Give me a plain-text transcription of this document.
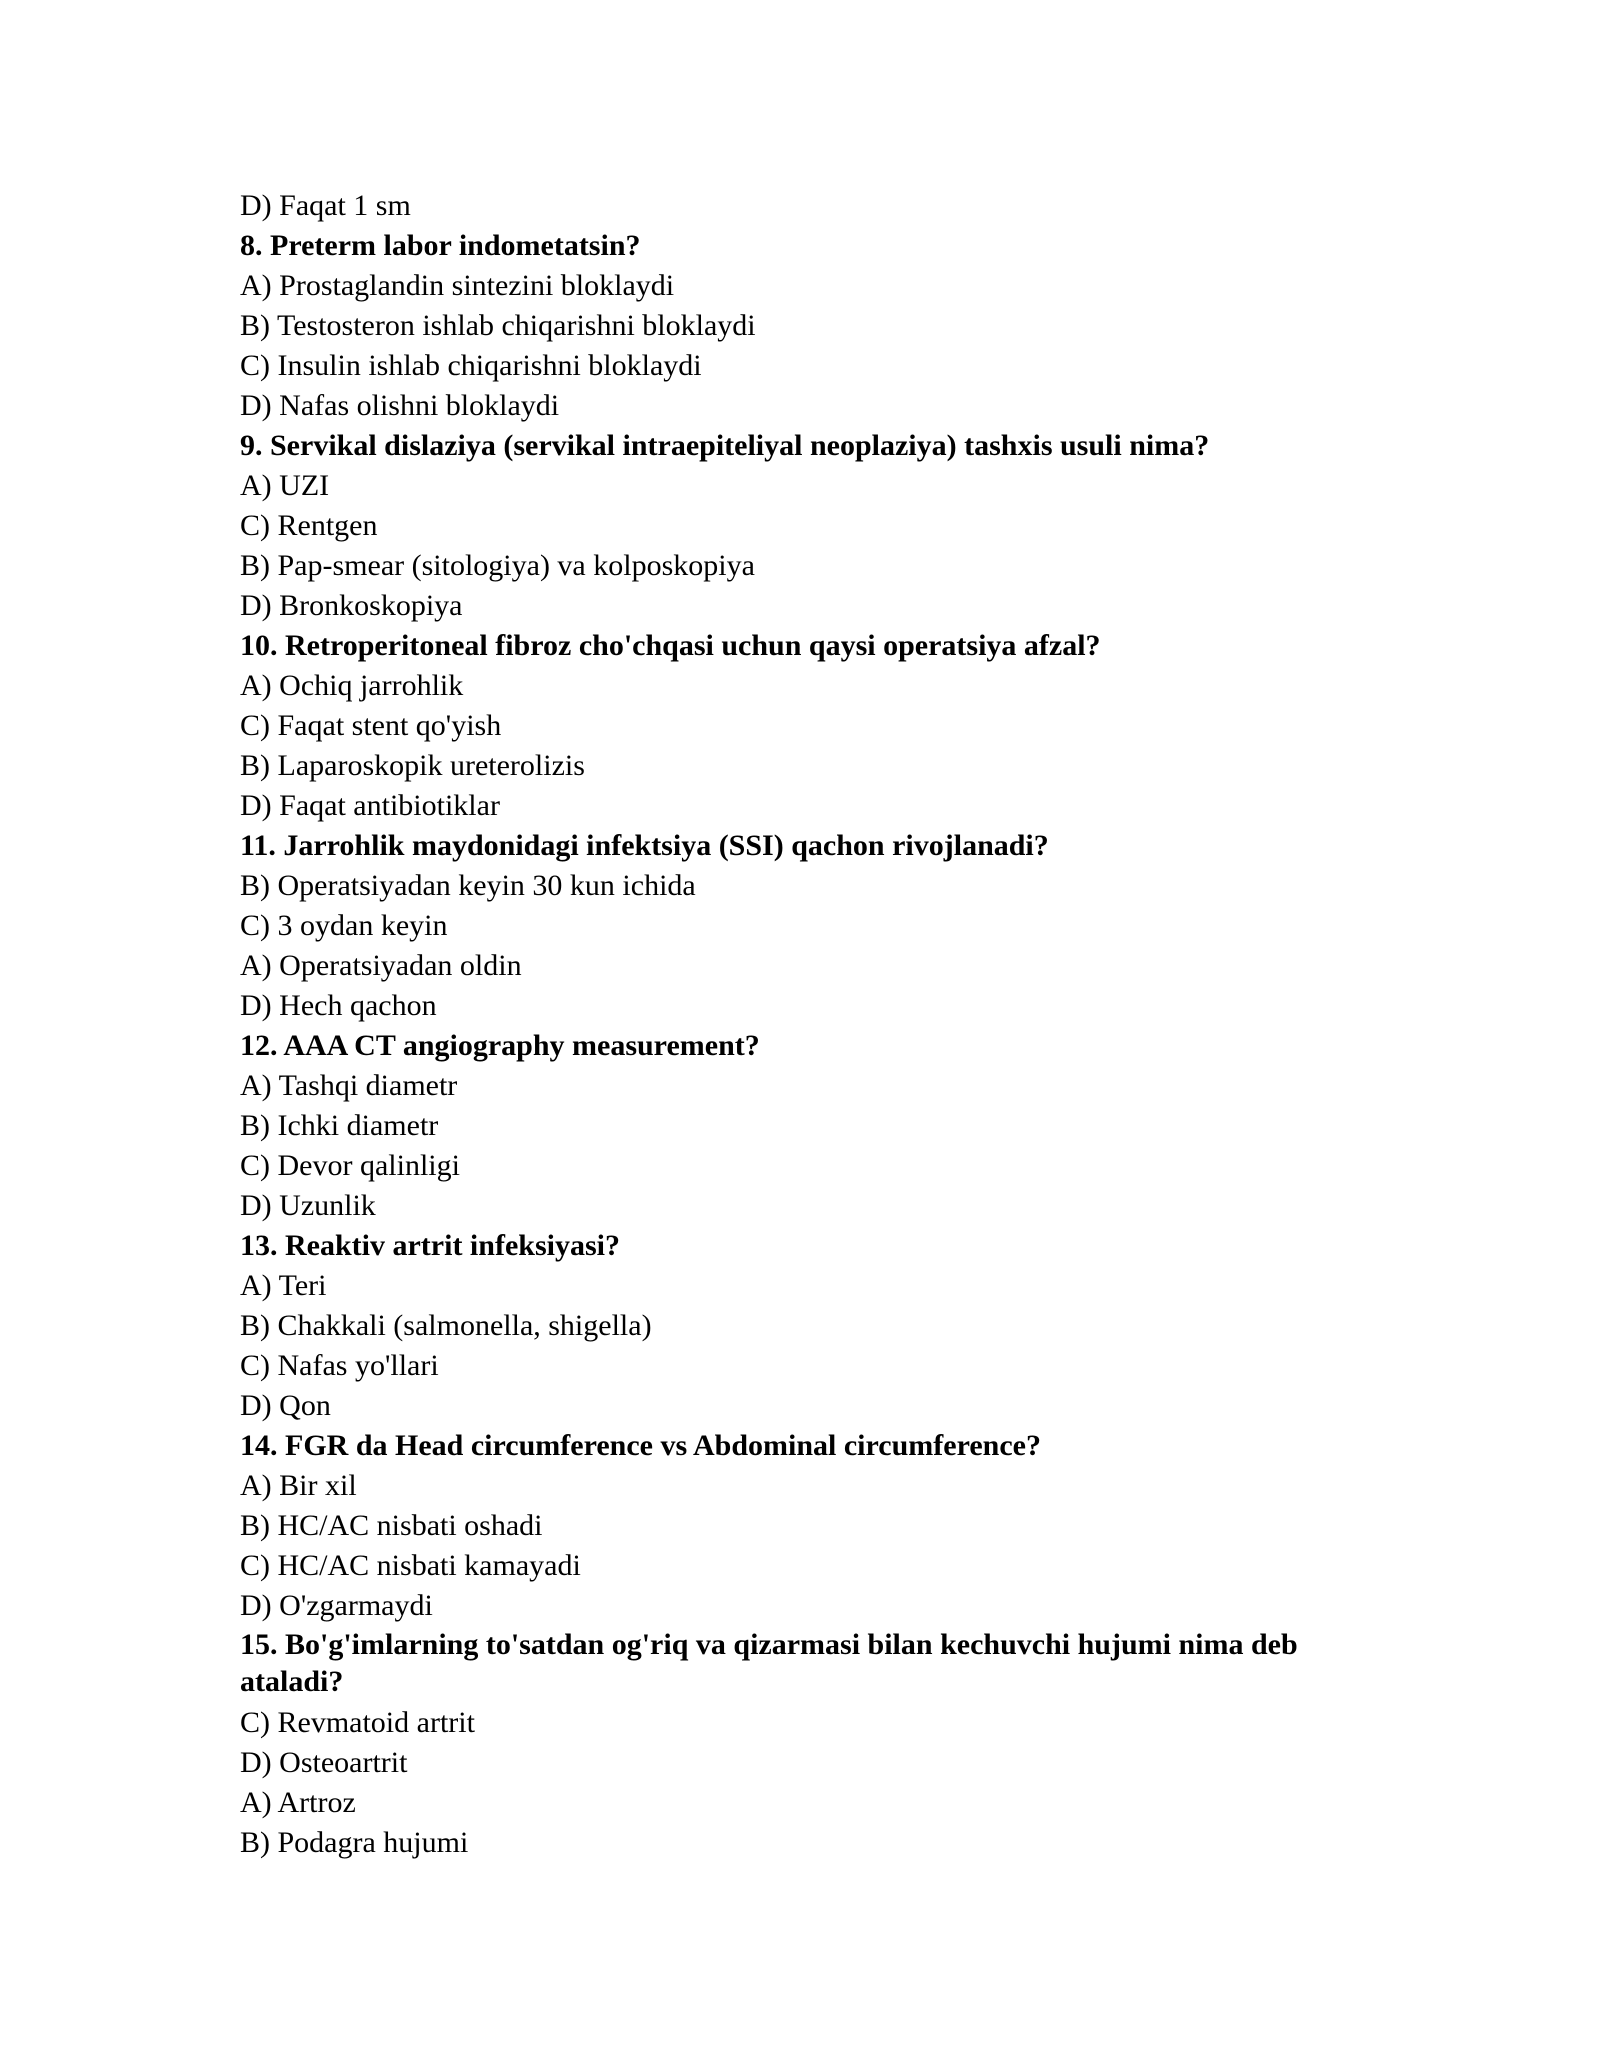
D) Faqat 1 sm

8. Preterm labor indometatsin?

A) Prostaglandin sintezini bloklaydi

B) Testosteron ishlab chiqarishni bloklaydi

C) Insulin ishlab chiqarishni bloklaydi

D) Nafas olishni bloklaydi

9. Servikal dislaziya (servikal intraepiteliyal neoplaziya) tashxis usuli nima?

A) UZI

C) Rentgen

B) Pap-smear (sitologiya) va kolposkopiya

D) Bronkoskopiya

10. Retroperitoneal fibroz cho'chqasi uchun qaysi operatsiya afzal?

A) Ochiq jarrohlik

C) Faqat stent qo'yish

B) Laparoskopik ureterolizis

D) Faqat antibiotiklar

11. Jarrohlik maydonidagi infektsiya (SSI) qachon rivojlanadi?

B) Operatsiyadan keyin 30 kun ichida

C) 3 oydan keyin

A) Operatsiyadan oldin

D) Hech qachon

12. AAA CT angiography measurement?

A) Tashqi diametr

B) Ichki diametr

C) Devor qalinligi

D) Uzunlik

13. Reaktiv artrit infeksiyasi?

A) Teri

B) Chakkali (salmonella, shigella)

C) Nafas yo'llari

D) Qon

14. FGR da Head circumference vs Abdominal circumference?

A) Bir xil

B) HC/AC nisbati oshadi

C) HC/AC nisbati kamayadi

D) O'zgarmaydi

15. Bo'g'imlarning to'satdan og'riq va qizarmasi bilan kechuvchi hujumi nima deb ataladi?

C) Revmatoid artrit

D) Osteoartrit

A) Artroz

B) Podagra hujumi
